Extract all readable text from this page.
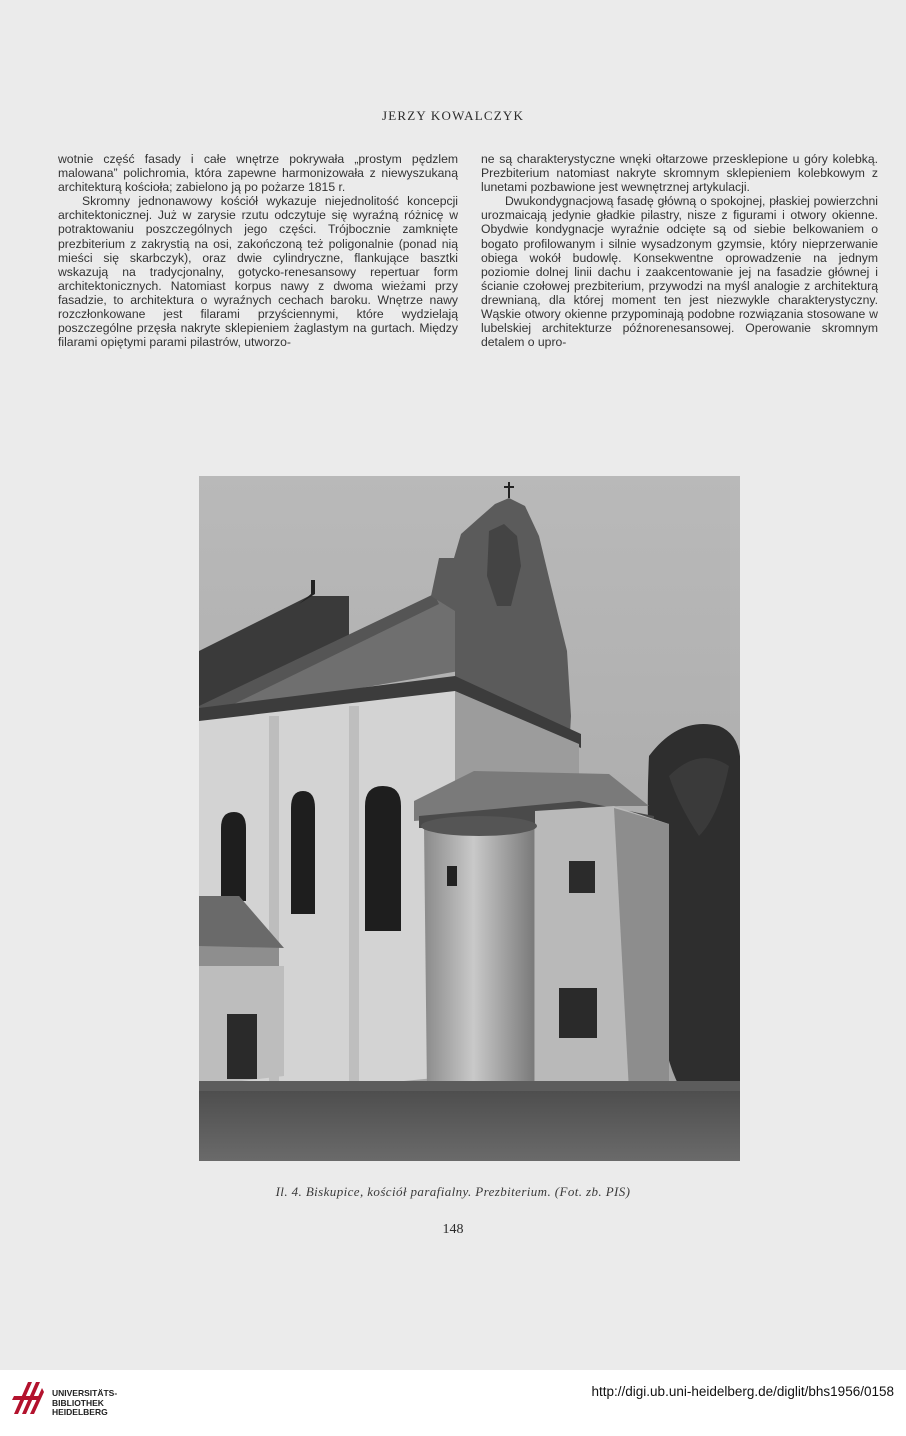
JERZY KOWALCZYK

wotnie część fasady i całe wnętrze pokrywała „prostym pędzlem malowana” polichromia, która zapewne harmonizowała z niewyszukaną architekturą kościoła; zabielono ją po pożarze 1815 r.

Skromny jednonawowy kościół wykazuje niejednolitość koncepcji architektonicznej. Już w zarysie rzutu odczytuje się wyraźną różnicę w potraktowaniu poszczególnych jego części. Trójbocznie zamknięte prezbiterium z zakrystią na osi, zakończoną też poligonalnie (ponad nią mieści się skarbczyk), oraz dwie cylindryczne, flankujące basztki wskazują na tradycjonalny, gotycko-renesansowy repertuar form architektonicznych. Natomiast korpus nawy z dwoma wieżami przy fasadzie, to architektura o wyraźnych cechach baroku. Wnętrze nawy rozczłonkowane jest filarami przyściennymi, które wydzielają poszczególne przęsła nakryte sklepieniem żaglastym na gurtach. Między filarami opiętymi parami pilastrów, utworzo-

ne są charakterystyczne wnęki ołtarzowe przesklepione u góry kolebką. Prezbiterium natomiast nakryte skromnym sklepieniem kolebkowym z lunetami pozbawione jest wewnętrznej artykulacji.

Dwukondygnacjową fasadę główną o spokojnej, płaskiej powierzchni urozmaicają jedynie gładkie pilastry, nisze z figurami i otwory okienne. Obydwie kondygnacje wyraźnie odcięte są od siebie belkowaniem o bogato profilowanym i silnie wysadzonym gzymsie, który nieprzerwanie obiega wokół budowlę. Konsekwentne oprowadzenie na jednym poziomie dolnej linii dachu i zaakcentowanie jej na fasadzie głównej i ścianie czołowej prezbiterium, przywodzi na myśl analogie z architekturą drewnianą, dla której moment ten jest niezwykle charakterystyczny. Wąskie otwory okienne przypominają podobne rozwiązania stosowane w lubelskiej architekturze późnorenesansowej. Operowanie skromnym detalem o upro-

Il. 4. Biskupice, kościół parafialny. Prezbiterium. (Fot. zb. PIS)
148
UNIVERSITÄTS-
BIBLIOTHEK
HEIDELBERG
http://digi.ub.uni-heidelberg.de/diglit/bhs1956/0158
